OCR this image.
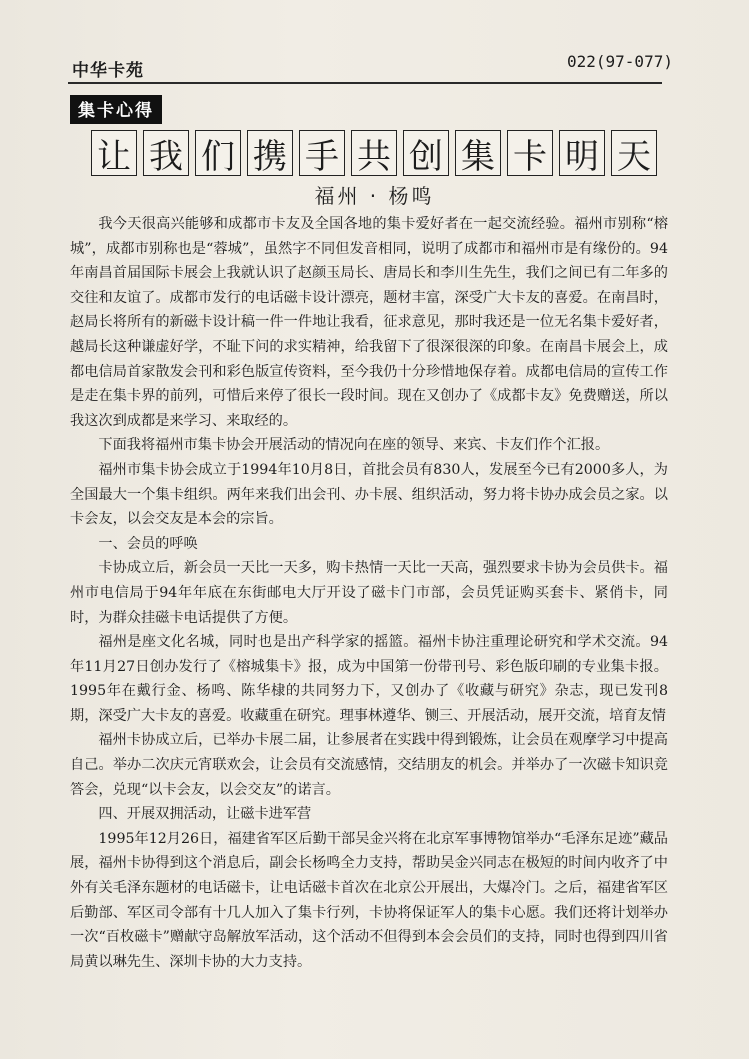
中华卡苑	022(97-077)
集卡心得
让 我 们 携 手 共 创 集 卡 明 天
福州 · 杨鸣

我今天很高兴能够和成都市卡友及全国各地的集卡爱好者在一起交流经验。福州市别称“榕城”，成都市别称也是“蓉城”，虽然字不同但发音相同，说明了成都市和福州市是有缘份的。94年南昌首届国际卡展会上我就认识了赵颜玉局长、唐局长和李川生先生，我们之间已有二年多的交往和友谊了。成都市发行的电话磁卡设计漂亮，题材丰富，深受广大卡友的喜爱。在南昌时，赵局长将所有的新磁卡设计稿一件一件地让我看，征求意见，那时我还是一位无名集卡爱好者，越局长这种谦虚好学，不耻下问的求实精神，给我留下了很深很深的印象。在南昌卡展会上，成都电信局首家散发会刊和彩色版宣传资料，至今我仍十分珍惜地保存着。成都电信局的宣传工作是走在集卡界的前列，可惜后来停了很长一段时间。现在又创办了《成都卡友》免费赠送，所以我这次到成都是来学习、来取经的。

下面我将福州市集卡协会开展活动的情况向在座的领导、来宾、卡友们作个汇报。

福州市集卡协会成立于1994年10月8日，首批会员有830人，发展至今已有2000多人，为全国最大一个集卡组织。两年来我们出会刊、办卡展、组织活动，努力将卡协办成会员之家。以卡会友，以会交友是本会的宗旨。

一、会员的呼唤

卡协成立后，新会员一天比一天多，购卡热情一天比一天高，强烈要求卡协为会员供卡。福州市电信局于94年年底在东街邮电大厅开设了磁卡门市部，会员凭证购买套卡、紧俏卡，同时，为群众挂磁卡电话提供了方便。

福州是座文化名城，同时也是出产科学家的摇篮。福州卡协注重理论研究和学术交流。94年11月27日创办发行了《榕城集卡》报，成为中国第一份带刊号、彩色版印刷的专业集卡报。1995年在戴行金、杨鸣、陈华棣的共同努力下，又创办了《收藏与研究》杂志，现已发刊8期，深受广大卡友的喜爱。收藏重在研究。理事林遵华、铡三、开展活动，展开交流，培育友情

福州卡协成立后，已举办卡展二届，让参展者在实践中得到锻炼，让会员在观摩学习中提高自己。举办二次庆元宵联欢会，让会员有交流感情，交结朋友的机会。并举办了一次磁卡知识竞答会，兑现“以卡会友，以会交友”的诺言。

四、开展双拥活动，让磁卡进军营

1995年12月26日，福建省军区后勤干部吴金兴将在北京军事博物馆举办“毛泽东足迹”藏品展，福州卡协得到这个消息后，副会长杨鸣全力支持，帮助吴金兴同志在极短的时间内收齐了中外有关毛泽东题材的电话磁卡，让电话磁卡首次在北京公开展出，大爆冷门。之后，福建省军区后勤部、军区司令部有十几人加入了集卡行列，卡协将保证军人的集卡心愿。我们还将计划举办一次“百枚磁卡”赠献守岛解放军活动，这个活动不但得到本会会员们的支持，同时也得到四川省局黄以琳先生、深圳卡协的大力支持。
